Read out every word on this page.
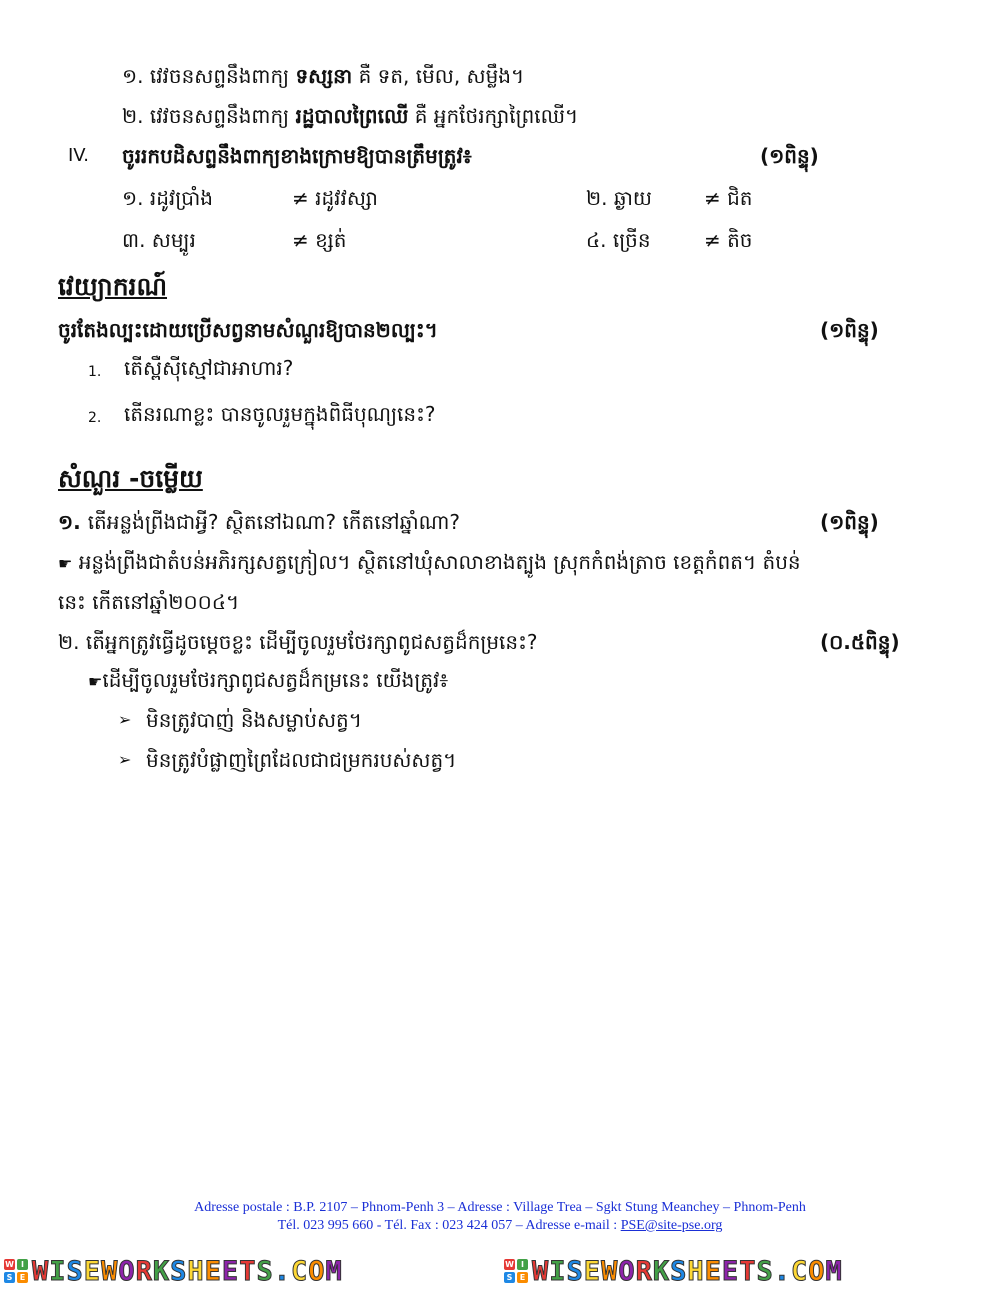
១. វេវចនសព្ទនឹងពាក្យ ទស្សនា គឺ ទត, មើល, សម្លឹង។
២. វេវចនសព្ទនឹងពាក្យ រដ្ឋបាលព្រៃឈើ គឺ អ្នកថែរក្សាព្រៃឈើ។
IV. ចូររកបដិសព្ទនឹងពាក្យខាងក្រោមឱ្យបានត្រឹមត្រូវ៖	(១ពិន្ទុ)
១. រដូវប្រាំង	≠ រដូវវស្សា	២. ឆ្ងាយ	≠ ជិត
៣. សម្បូរ	≠ ខ្សត់	៤. ច្រើន	≠ តិច
វេយ្យាករណ៍
ចូរតែងល្បះដោយប្រើសព្វនាមសំណួរឱ្យបាន២ល្បះ។	(១ពិន្ទុ)
1. តើស្ពឺស៊ីស្មៅជាអាហារ?
2. តើនរណាខ្លះ បានចូលរួមក្នុងពិធីបុណ្យនេះ?
សំណួរ -ចម្លើយ
១. តើអន្លង់ព្រីងជាអ្វី? ស្ថិតនៅឯណា? កើតនៅឆ្នាំណា?	(១ពិន្ទុ)
☛ អន្លង់ព្រីងជាតំបន់អភិរក្សសត្វក្រៀល។ ស្ថិតនៅឃុំសាលាខាងត្បូង ស្រុកកំពង់ត្រាច ខេត្តកំពត។ តំបន់
នេះ កើតនៅឆ្នាំ២០០៤។
២. តើអ្នកត្រូវធ្វើដូចម្ដេចខ្លះ ដើម្បីចូលរួមថែរក្សាពូជសត្វដ៏កម្រនេះ?	(០.៥ពិន្ទុ)
☛ដើម្បីចូលរួមថែរក្សាពូជសត្វដ៏កម្រនេះ យើងត្រូវ៖
➢ មិនត្រូវបាញ់ និងសម្លាប់សត្វ។
➢ មិនត្រូវបំផ្លាញព្រៃដែលជាជម្រករបស់សត្វ។
Adresse postale : B.P. 2107 – Phnom-Penh 3 – Adresse : Village Trea – Sgkt Stung Meanchey – Phnom-Penh
Tél. 023 995 660 - Tél. Fax : 023 424 057 – Adresse e-mail : PSE@site-pse.org
W I
S E WISEWORKSHEETS.COM	W I
S E WISEWORKSHEETS.COM
